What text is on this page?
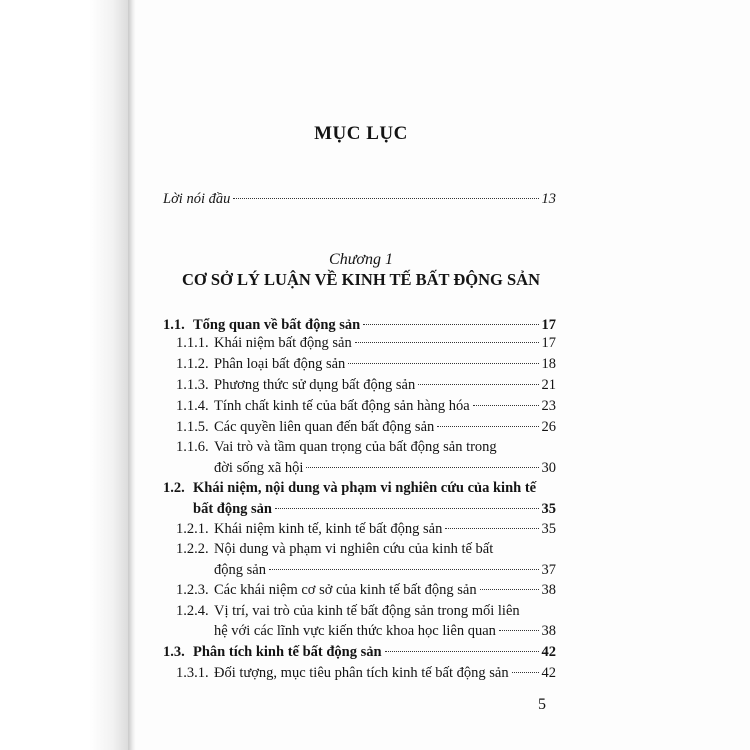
MỤC LỤC
Lời nói đầu	13
Chương 1
CƠ SỞ LÝ LUẬN VỀ KINH TẾ BẤT ĐỘNG SẢN
1.1. Tổng quan về bất động sản	17
1.1.1. Khái niệm bất động sản	17
1.1.2. Phân loại bất động sản	18
1.1.3. Phương thức sử dụng bất động sản	21
1.1.4. Tính chất kinh tế của bất động sản hàng hóa	23
1.1.5. Các quyền liên quan đến bất động sản	26
1.1.6. Vai trò và tầm quan trọng của bất động sản trong
đời sống xã hội	30
1.2. Khái niệm, nội dung và phạm vi nghiên cứu của kinh tế
bất động sản	35
1.2.1. Khái niệm kinh tế, kinh tế bất động sản	35
1.2.2. Nội dung và phạm vi nghiên cứu của kinh tế bất
động sản	37
1.2.3. Các khái niệm cơ sở của kinh tế bất động sản	38
1.2.4. Vị trí, vai trò của kinh tế bất động sản trong mối liên
hệ với các lĩnh vực kiến thức khoa học liên quan	38
1.3. Phân tích kinh tế bất động sản	42
1.3.1. Đối tượng, mục tiêu phân tích kinh tế bất động sản 42
5
